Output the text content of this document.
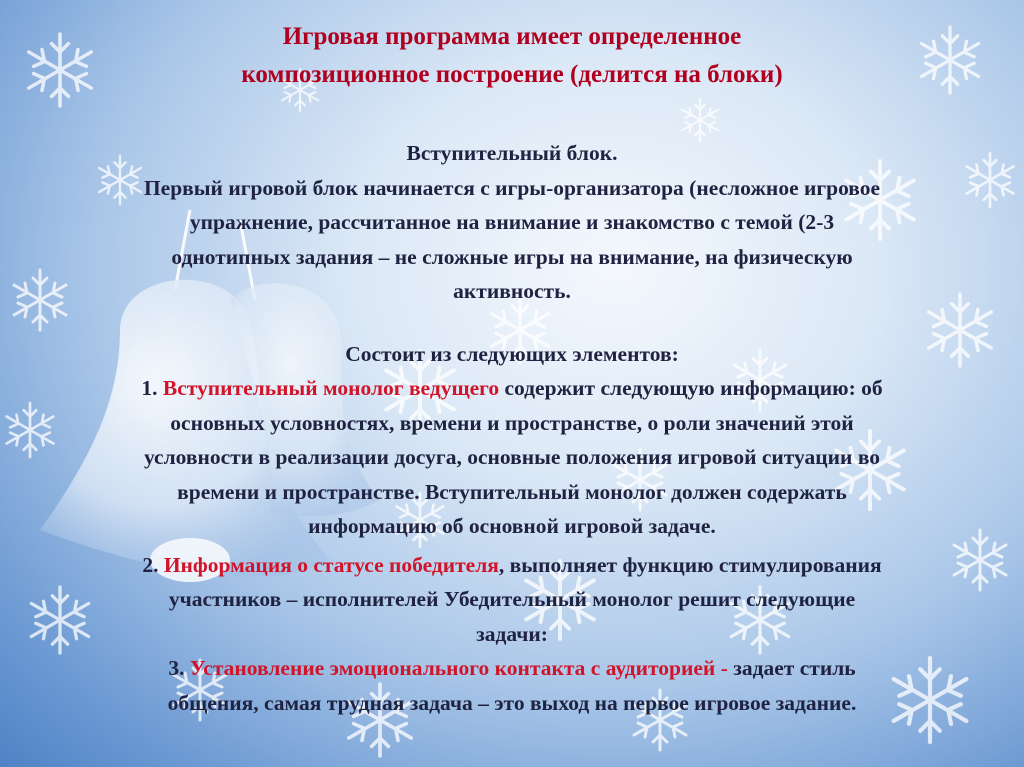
Игровая программа имеет определенное
композиционное построение (делится на блоки)
Вступительный блок.
Первый игровой блок начинается с игры-организатора (несложное игровое
упражнение, рассчитанное на внимание и знакомство с темой (2-3
однотипных задания – не сложные игры на внимание, на физическую
активность.
Состоит из следующих элементов:
1. Вступительный монолог ведущего содержит следующую информацию: об
основных условностях, времени и пространстве, о роли значений этой
условности в реализации досуга, основные положения игровой ситуации во
времени и пространстве. Вступительный монолог должен содержать
информацию об основной игровой задаче.
2. Информация о статусе победителя, выполняет функцию стимулирования
участников – исполнителей Убедительный монолог решит следующие
задачи:
3. Установление эмоционального контакта с аудиторией - задает стиль
общения, самая трудная задача – это выход на первое игровое задание.
